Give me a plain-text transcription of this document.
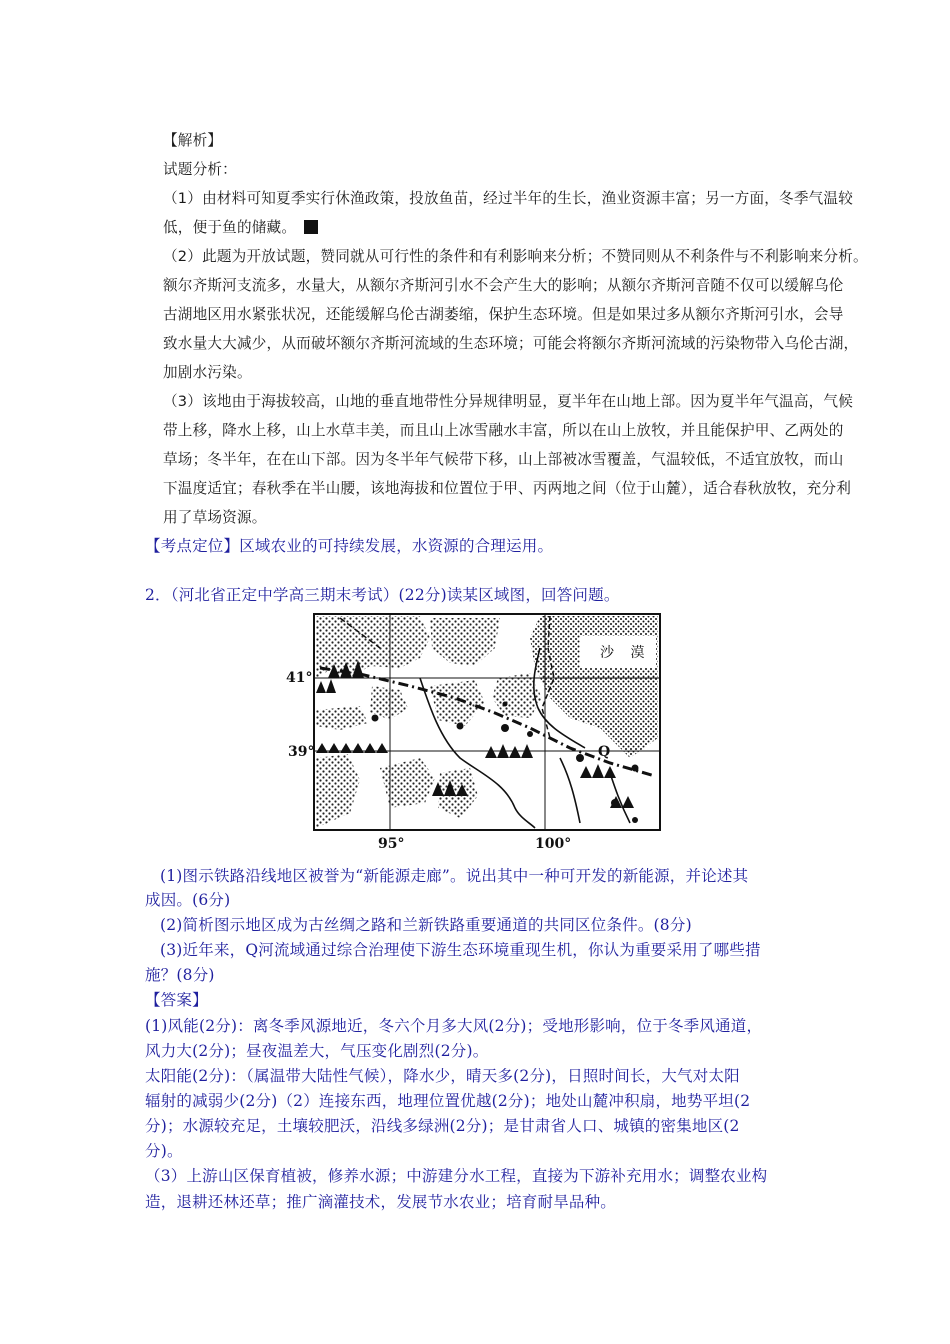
【解析】
试题分析：
（1）由材料可知夏季实行休渔政策，投放鱼苗，经过半年的生长，渔业资源丰富；另一方面，冬季气温较
低，便于鱼的储藏。
（2）此题为开放试题，赞同就从可行性的条件和有利影响来分析；不赞同则从不利条件与不利影响来分析。
额尔齐斯河支流多，水量大，从额尔齐斯河引水不会产生大的影响；从额尔齐斯河音随不仅可以缓解乌伦
古湖地区用水紧张状况，还能缓解乌伦古湖萎缩，保护生态环境。但是如果过多从额尔齐斯河引水，会导
致水量大大减少，从而破坏额尔齐斯河流域的生态环境；可能会将额尔齐斯河流域的污染物带入乌伦古湖，
加剧水污染。
（3）该地由于海拔较高，山地的垂直地带性分异规律明显，夏半年在山地上部。因为夏半年气温高，气候
带上移，降水上移，山上水草丰美，而且山上冰雪融水丰富，所以在山上放牧，并且能保护甲、乙两处的
草场；冬半年，在在山下部。因为冬半年气候带下移，山上部被冰雪覆盖，气温较低，不适宜放牧，而山
下温度适宜；春秋季在半山腰，该地海拔和位置位于甲、丙两地之间（位于山麓），适合春秋放牧，充分利
用了草场资源。
【考点定位】区域农业的可持续发展，水资源的合理运用。
2．（河北省正定中学高三期末考试）(22分)读某区域图，回答问题。
沙 漠
41°
39°
95°	100°
Q
(1)图示铁路沿线地区被誉为“新能源走廊”。说出其中一种可开发的新能源，并论述其
成因。(6分)
(2)简析图示地区成为古丝绸之路和兰新铁路重要通道的共同区位条件。(8分)
(3)近年来，Q河流域通过综合治理使下游生态环境重现生机，你认为重要采用了哪些措
施？(8分)
【答案】
(1)风能(2分)：离冬季风源地近，冬六个月多大风(2分)；受地形影响，位于冬季风通道，
风力大(2分)；昼夜温差大，气压变化剧烈(2分)。
太阳能(2分)：（属温带大陆性气候），降水少，晴天多(2分)，日照时间长，大气对太阳
辐射的减弱少(2分)（2）连接东西，地理位置优越(2分)；地处山麓冲积扇，地势平坦(2
分)；水源较充足，土壤较肥沃，沿线多绿洲(2分)；是甘肃省人口、城镇的密集地区(2
分)。
（3）上游山区保育植被，修养水源；中游建分水工程，直接为下游补充用水；调整农业构
造，退耕还林还草；推广滴灌技术，发展节水农业；培育耐旱品种。
